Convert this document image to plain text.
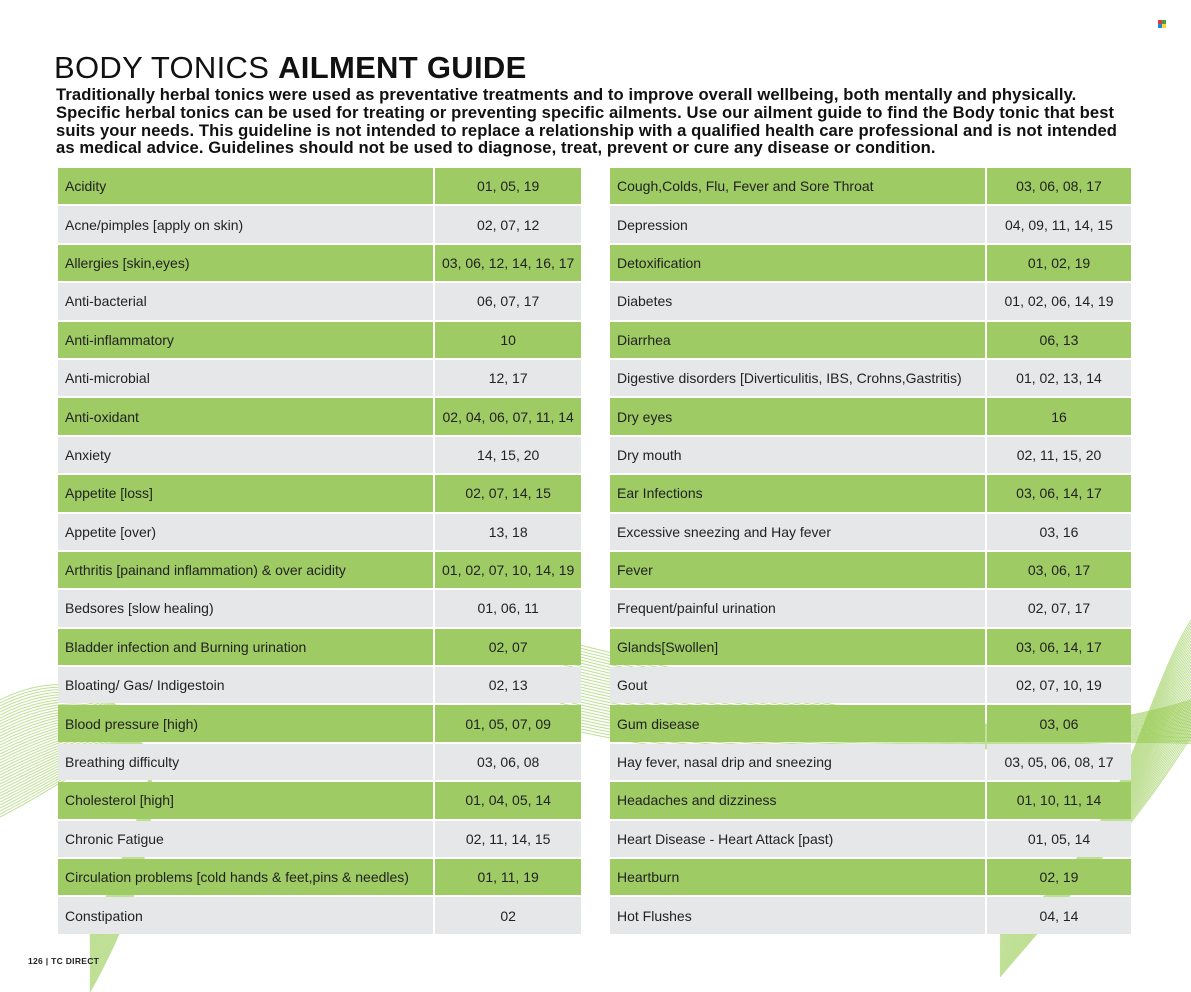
BODY TONICS AILMENT GUIDE

Traditionally herbal tonics were used as preventative treatments and to improve overall wellbeing, both mentally and physically. Specific herbal tonics can be used for treating or preventing specific ailments. Use our ailment guide to find the Body tonic that best suits your needs. This guideline is not intended to replace a relationship with a qualified health care professional and is not intended as medical advice. Guidelines should not be used to diagnose, treat, prevent or cure any disease or condition.

Acidity	01, 05, 19
Acne/pimples [apply on skin)	02, 07, 12
Allergies [skin,eyes)	03, 06, 12, 14, 16, 17
Anti-bacterial	06, 07, 17
Anti-inflammatory	10
Anti-microbial	12, 17
Anti-oxidant	02, 04, 06, 07, 11, 14
Anxiety	14, 15, 20
Appetite [loss]	02, 07, 14, 15
Appetite [over)	13, 18
Arthritis [painand inflammation) & over acidity	01, 02, 07, 10, 14, 19
Bedsores [slow healing)	01, 06, 11
Bladder infection and Burning urination	02, 07
Bloating/ Gas/ Indigestoin	02, 13
Blood pressure [high)	01, 05, 07, 09
Breathing difficulty	03, 06, 08
Cholesterol [high]	01, 04, 05, 14
Chronic Fatigue	02, 11, 14, 15
Circulation problems [cold hands & feet,pins & needles)	01, 11, 19
Constipation	02
Cough,Colds, Flu, Fever and Sore Throat	03, 06, 08, 17
Depression	04, 09, 11, 14, 15
Detoxification	01, 02, 19
Diabetes	01, 02, 06, 14, 19
Diarrhea	06, 13
Digestive disorders [Diverticulitis, IBS, Crohns,Gastritis)	01, 02, 13, 14
Dry eyes	16
Dry mouth	02, 11, 15, 20
Ear Infections	03, 06, 14, 17
Excessive sneezing and Hay fever	03, 16
Fever	03, 06, 17
Frequent/painful urination	02, 07, 17
Glands[Swollen]	03, 06, 14, 17
Gout	02, 07, 10, 19
Gum disease	03, 06
Hay fever, nasal drip and sneezing	03, 05, 06, 08, 17
Headaches and dizziness	01, 10, 11, 14
Heart Disease - Heart Attack [past)	01, 05, 14
Heartburn	02, 19
Hot Flushes	04, 14
126 | TC DIRECT
